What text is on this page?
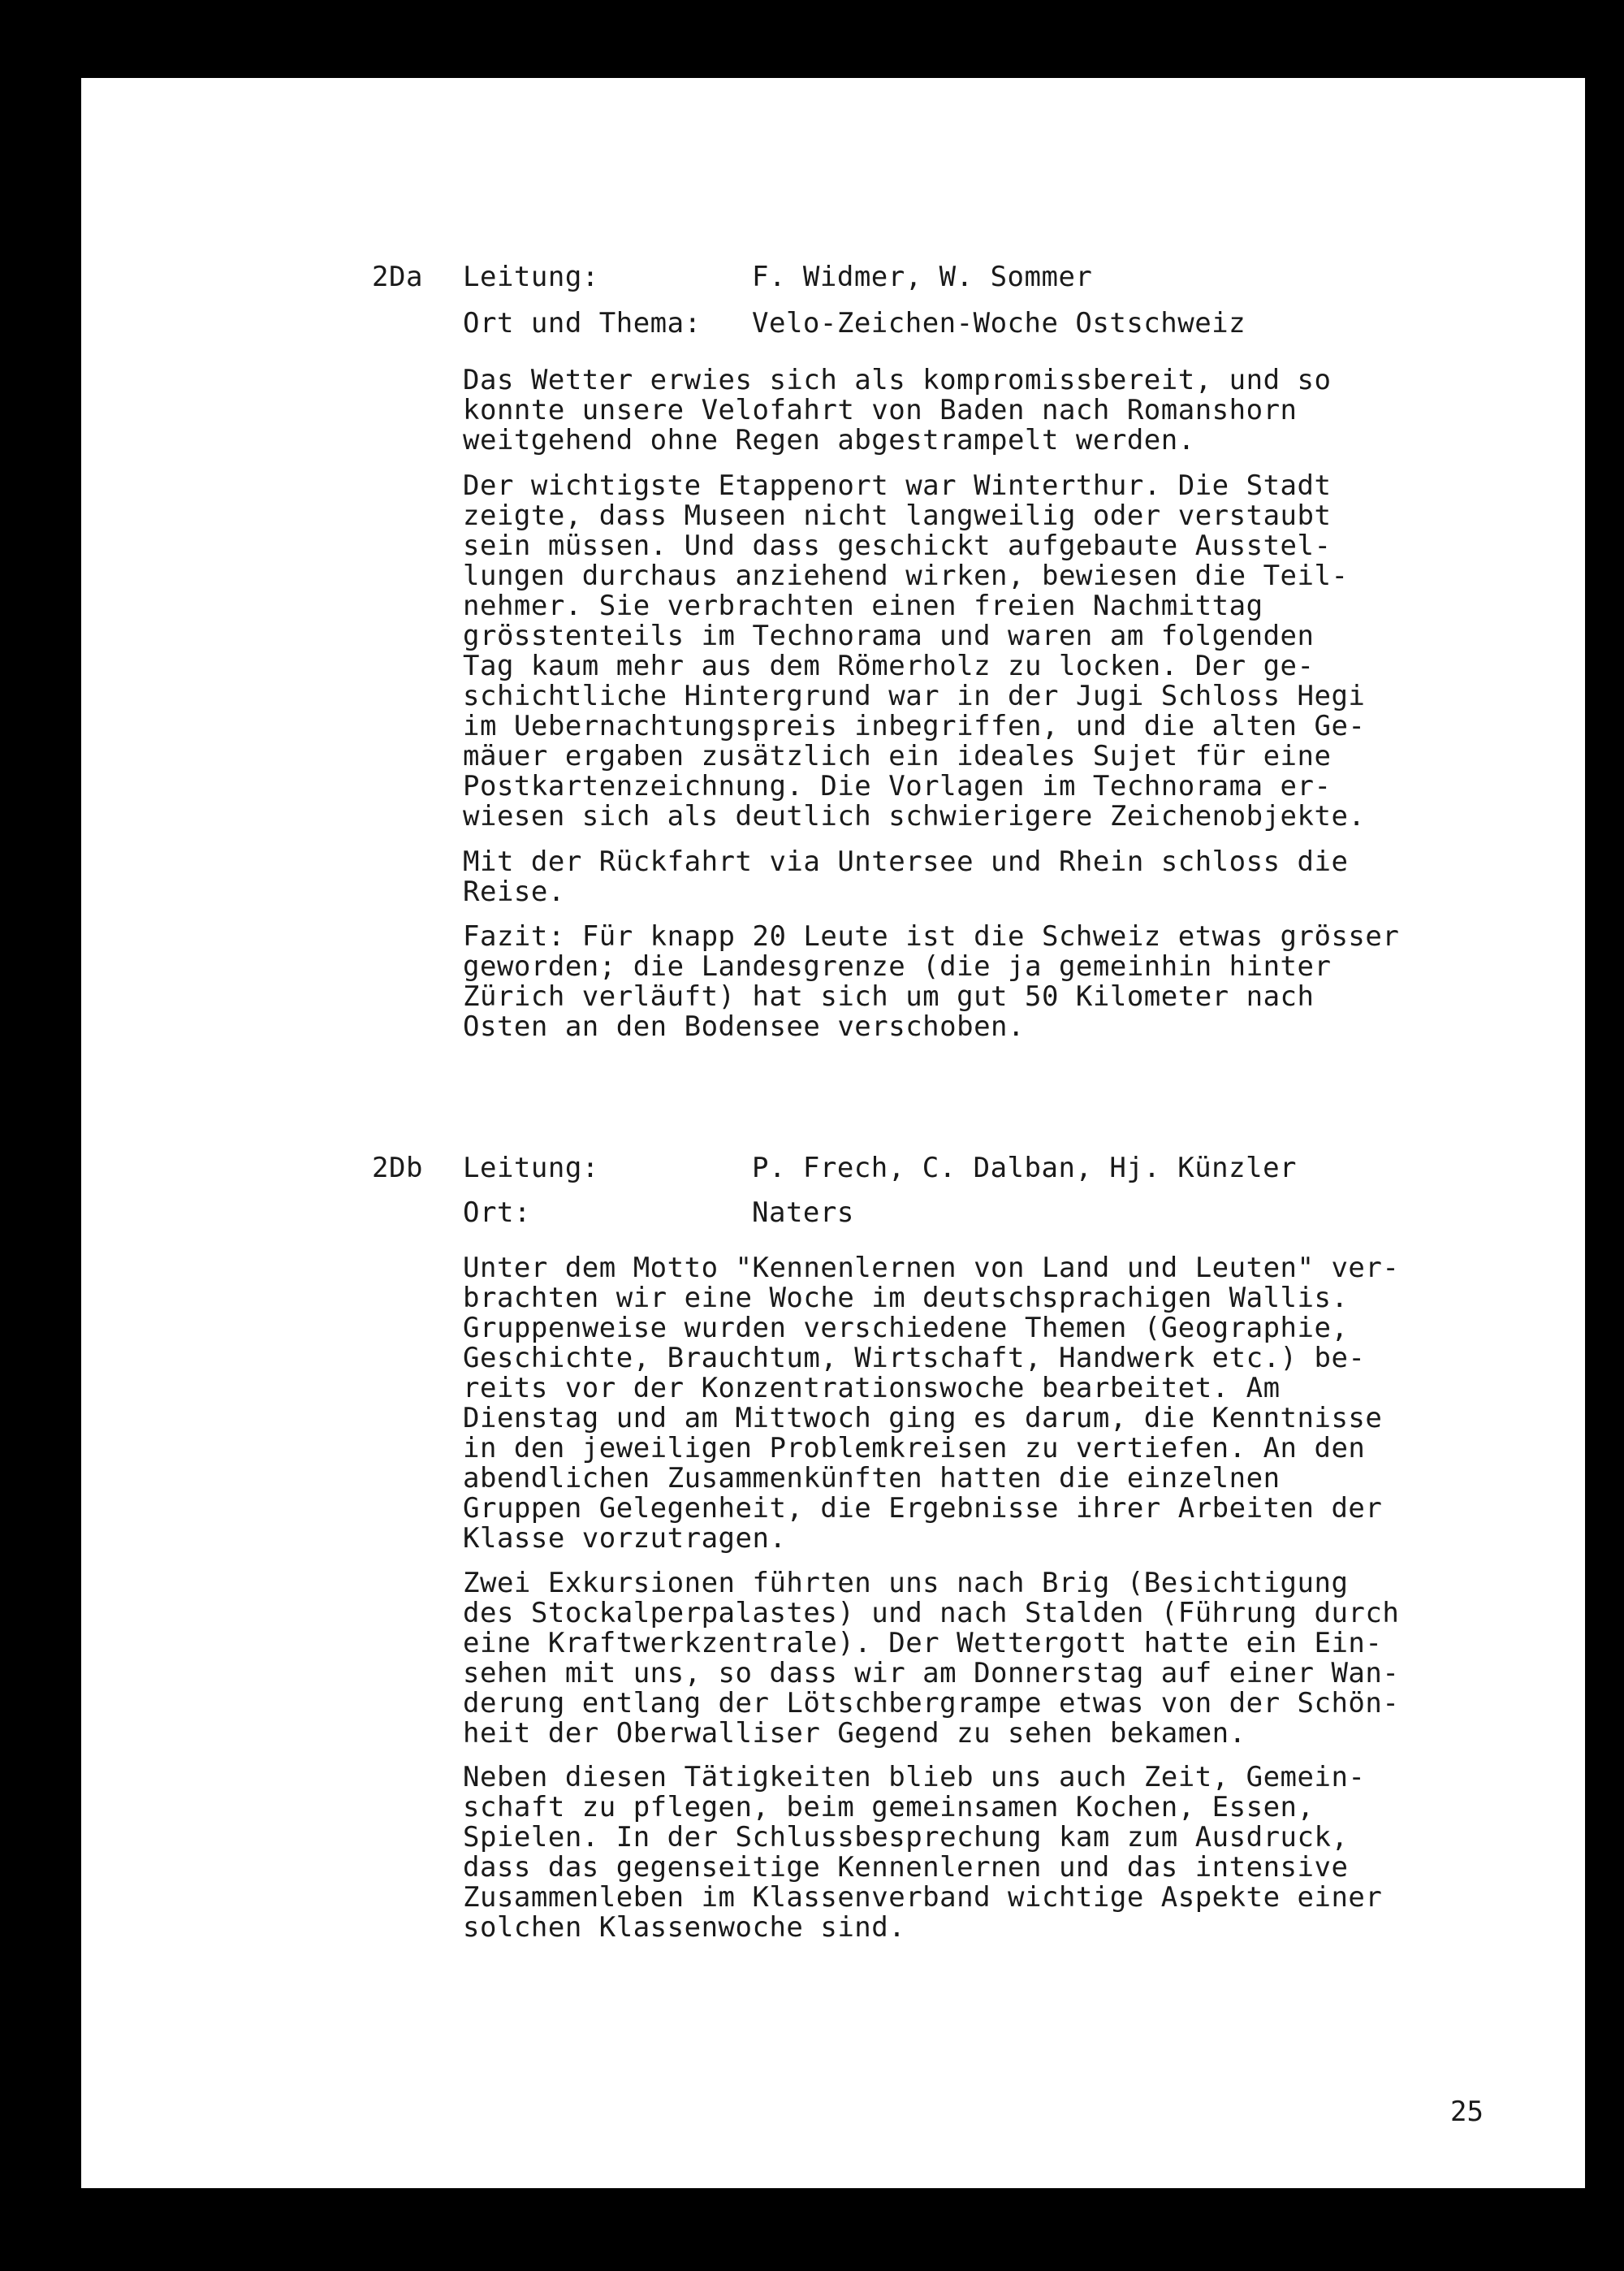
2Da Leitung:	F. Widmer, W. Sommer
Ort und Thema: Velo-Zeichen-Woche Ostschweiz
Das Wetter erwies sich als kompromissbereit, und so
konnte unsere Velofahrt von Baden nach Romanshorn
weitgehend ohne Regen abgestrampelt werden.
Der wichtigste Etappenort war Winterthur. Die Stadt
zeigte, dass Museen nicht langweilig oder verstaubt
sein müssen. Und dass geschickt aufgebaute Ausstel-
lungen durchaus anziehend wirken, bewiesen die Teil-
nehmer. Sie verbrachten einen freien Nachmittag
grösstenteils im Technorama und waren am folgenden
Tag kaum mehr aus dem Römerholz zu locken. Der ge-
schichtliche Hintergrund war in der Jugi Schloss Hegi
im Uebernachtungspreis inbegriffen, und die alten Ge-
mäuer ergaben zusätzlich ein ideales Sujet für eine
Postkartenzeichnung. Die Vorlagen im Technorama er-
wiesen sich als deutlich schwierigere Zeichenobjekte.
Mit der Rückfahrt via Untersee und Rhein schloss die
Reise.
Fazit: Für knapp 20 Leute ist die Schweiz etwas grösser
geworden; die Landesgrenze (die ja gemeinhin hinter
Zürich verläuft) hat sich um gut 50 Kilometer nach
Osten an den Bodensee verschoben.
2Db Leitung:	P. Frech, C. Dalban, Hj. Künzler
Ort:	Naters
Unter dem Motto "Kennenlernen von Land und Leuten" ver-
brachten wir eine Woche im deutschsprachigen Wallis.
Gruppenweise wurden verschiedene Themen (Geographie,
Geschichte, Brauchtum, Wirtschaft, Handwerk etc.) be-
reits vor der Konzentrationswoche bearbeitet. Am
Dienstag und am Mittwoch ging es darum, die Kenntnisse
in den jeweiligen Problemkreisen zu vertiefen. An den
abendlichen Zusammenkünften hatten die einzelnen
Gruppen Gelegenheit, die Ergebnisse ihrer Arbeiten der
Klasse vorzutragen.
Zwei Exkursionen führten uns nach Brig (Besichtigung
des Stockalperpalastes) und nach Stalden (Führung durch
eine Kraftwerkzentrale). Der Wettergott hatte ein Ein-
sehen mit uns, so dass wir am Donnerstag auf einer Wan-
derung entlang der Lötschbergrampe etwas von der Schön-
heit der Oberwalliser Gegend zu sehen bekamen.
Neben diesen Tätigkeiten blieb uns auch Zeit, Gemein-
schaft zu pflegen, beim gemeinsamen Kochen, Essen,
Spielen. In der Schlussbesprechung kam zum Ausdruck,
dass das gegenseitige Kennenlernen und das intensive
Zusammenleben im Klassenverband wichtige Aspekte einer
solchen Klassenwoche sind.
25
